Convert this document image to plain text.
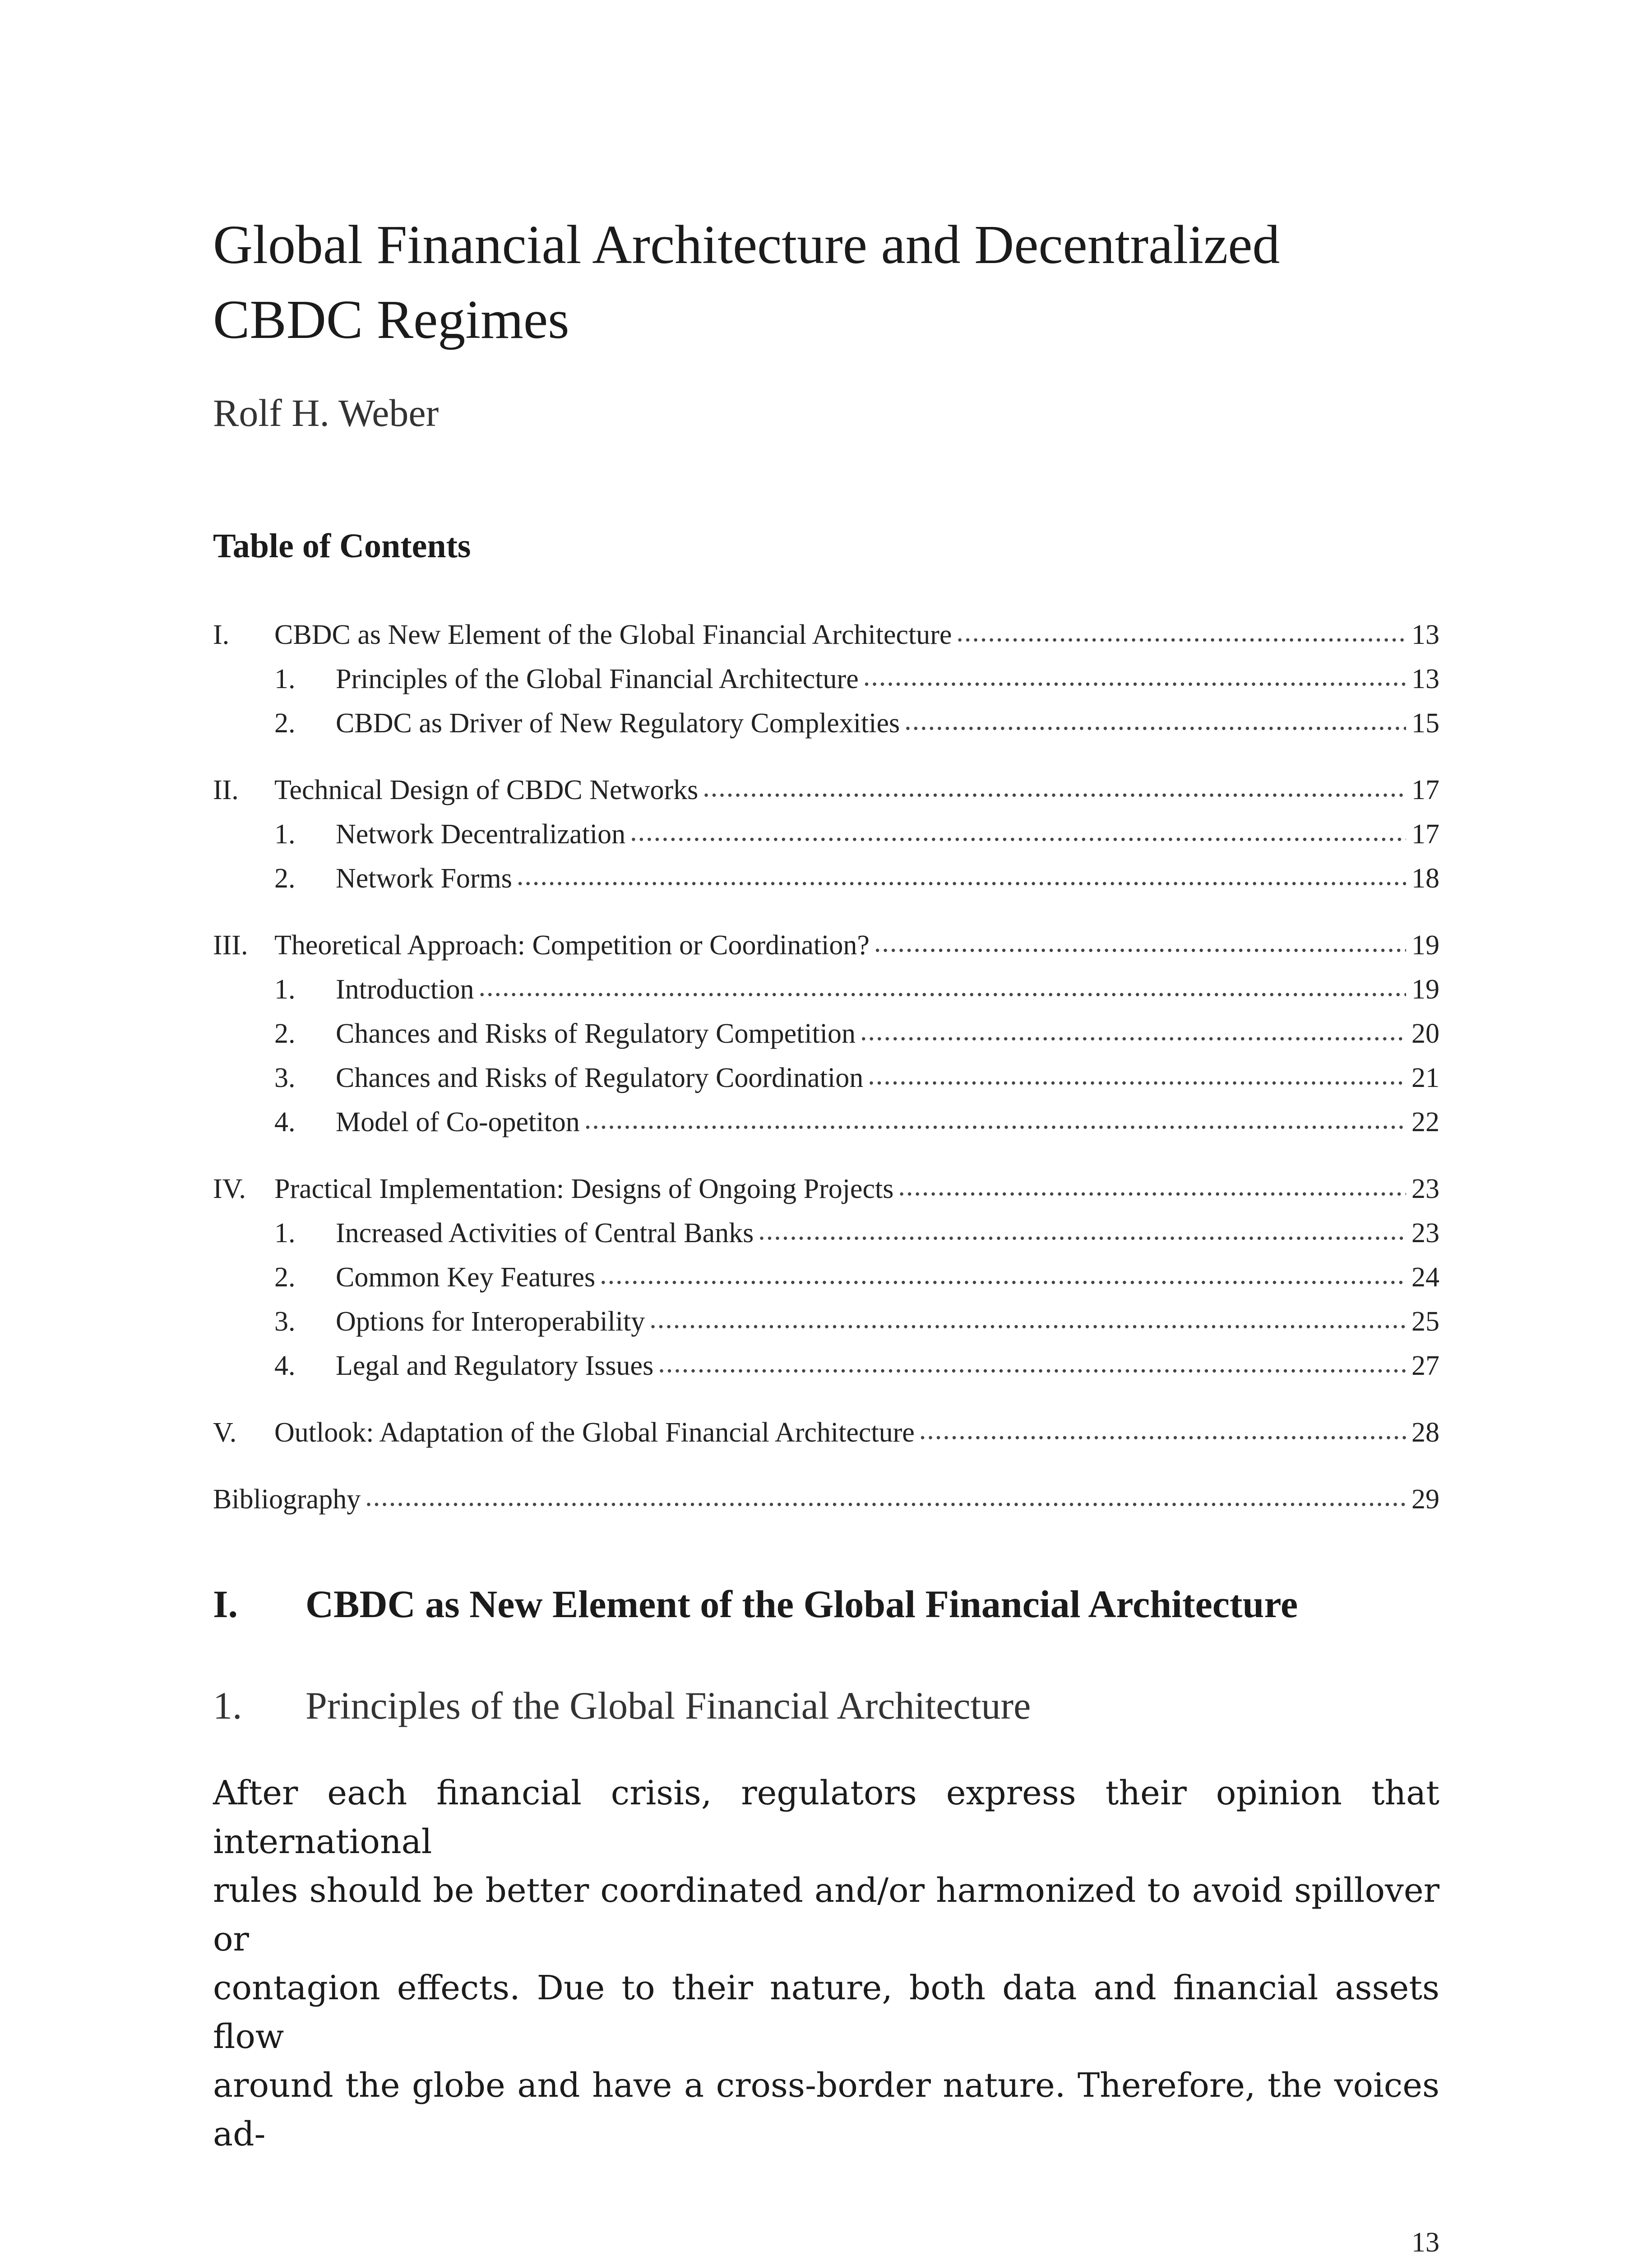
Global Financial Architecture and Decentralized
CBDC Regimes
Rolf H. Weber
Table of Contents
I.	CBDC as New Element of the Global Financial Architecture .....	13
1.	Principles of the Global Financial Architecture .....	13
2.	CBDC as Driver of New Regulatory Complexities .....	15
II.	Technical Design of CBDC Networks .....	17
1.	Network Decentralization .....	17
2.	Network Forms .....	18
III. Theoretical Approach: Competition or Coordination? .....	19
1.	Introduction .....	19
2.	Chances and Risks of Regulatory Competition .....	20
3.	Chances and Risks of Regulatory Coordination .....	21
4.	Model of Co-opetiton .....	22
IV.	Practical Implementation: Designs of Ongoing Projects .....	23
1.	Increased Activities of Central Banks .....	23
2.	Common Key Features .....	24
3.	Options for Interoperability .....	25
4.	Legal and Regulatory Issues .....	27
V.	Outlook: Adaptation of the Global Financial Architecture .....	28
Bibliography .....	29
I.	CBDC as New Element of the Global Financial Architecture
1.	Principles of the Global Financial Architecture
After each financial crisis, regulators express their opinion that international
rules should be better coordinated and/or harmonized to avoid spillover or
contagion effects. Due to their nature, both data and financial assets flow
around the globe and have a cross-border nature. Therefore, the voices ad-
13
